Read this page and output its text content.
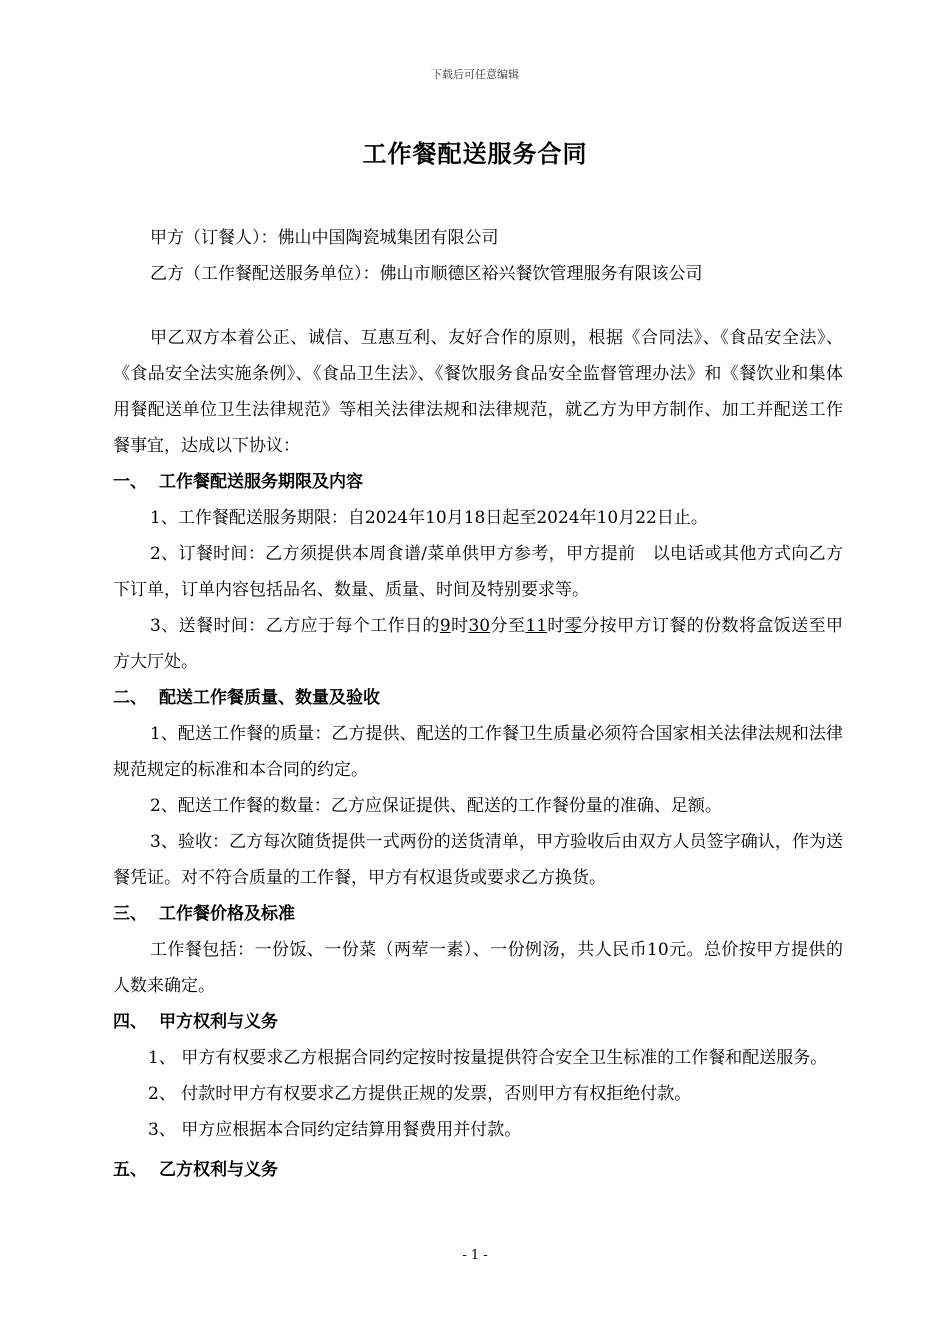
下载后可任意编辑
工作餐配送服务合同
甲方（订餐人）：佛山中国陶瓷城集团有限公司
乙方（工作餐配送服务单位）：佛山市顺德区裕兴餐饮管理服务有限该公司

甲乙双方本着公正、诚信、互惠互利、友好合作的原则，根据《合同法》、《食品安全法》、《食品安全法实施条例》、《食品卫生法》、《餐饮服务食品安全监督管理办法》和《餐饮业和集体用餐配送单位卫生法律规范》等相关法律法规和法律规范，就乙方为甲方制作、加工并配送工作餐事宜，达成以下协议：

一、 工作餐配送服务期限及内容

1、工作餐配送服务期限：自2024年10月18日起至2024年10月22日止。

2、订餐时间：乙方须提供本周食谱/菜单供甲方参考，甲方提前　以电话或其他方式向乙方下订单，订单内容包括品名、数量、质量、时间及特别要求等。

3、送餐时间：乙方应于每个工作日的9时30分至11时零分按甲方订餐的份数将盒饭送至甲方大厅处。

二、 配送工作餐质量、数量及验收

1、配送工作餐的质量：乙方提供、配送的工作餐卫生质量必须符合国家相关法律法规和法律规范规定的标准和本合同的约定。

2、配送工作餐的数量：乙方应保证提供、配送的工作餐份量的准确、足额。

3、验收：乙方每次随货提供一式两份的送货清单，甲方验收后由双方人员签字确认，作为送餐凭证。对不符合质量的工作餐，甲方有权退货或要求乙方换货。

三、 工作餐价格及标准

工作餐包括：一份饭、一份菜（两荤一素）、一份例汤，共人民币10元。总价按甲方提供的人数来确定。

四、 甲方权利与义务

1、 甲方有权要求乙方根据合同约定按时按量提供符合安全卫生标准的工作餐和配送服务。

2、 付款时甲方有权要求乙方提供正规的发票，否则甲方有权拒绝付款。

3、 甲方应根据本合同约定结算用餐费用并付款。

五、 乙方权利与义务

- 1 -
